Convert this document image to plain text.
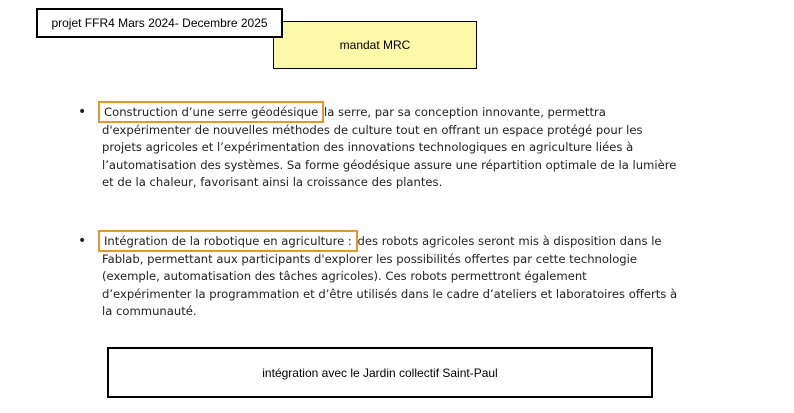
mandat MRC
projet FFR4 Mars 2024- Decembre 2025
• Construction d’une serre géodésique la serre, par sa conception innovante, permettra d'expérimenter de nouvelles méthodes de culture tout en offrant un espace protégé pour les projets agricoles et l’expérimentation des innovations technologiques en agriculture liées à l’automatisation des systèmes. Sa forme géodésique assure une répartition optimale de la lumière et de la chaleur, favorisant ainsi la croissance des plantes.
• Intégration de la robotique en agriculture : des robots agricoles seront mis à disposition dans le Fablab, permettant aux participants d'explorer les possibilités offertes par cette technologie (exemple, automatisation des tâches agricoles). Ces robots permettront également d’expérimenter la programmation et d’être utilisés dans le cadre d’ateliers et laboratoires offerts à la communauté.
intégration avec le Jardin collectif Saint-Paul
